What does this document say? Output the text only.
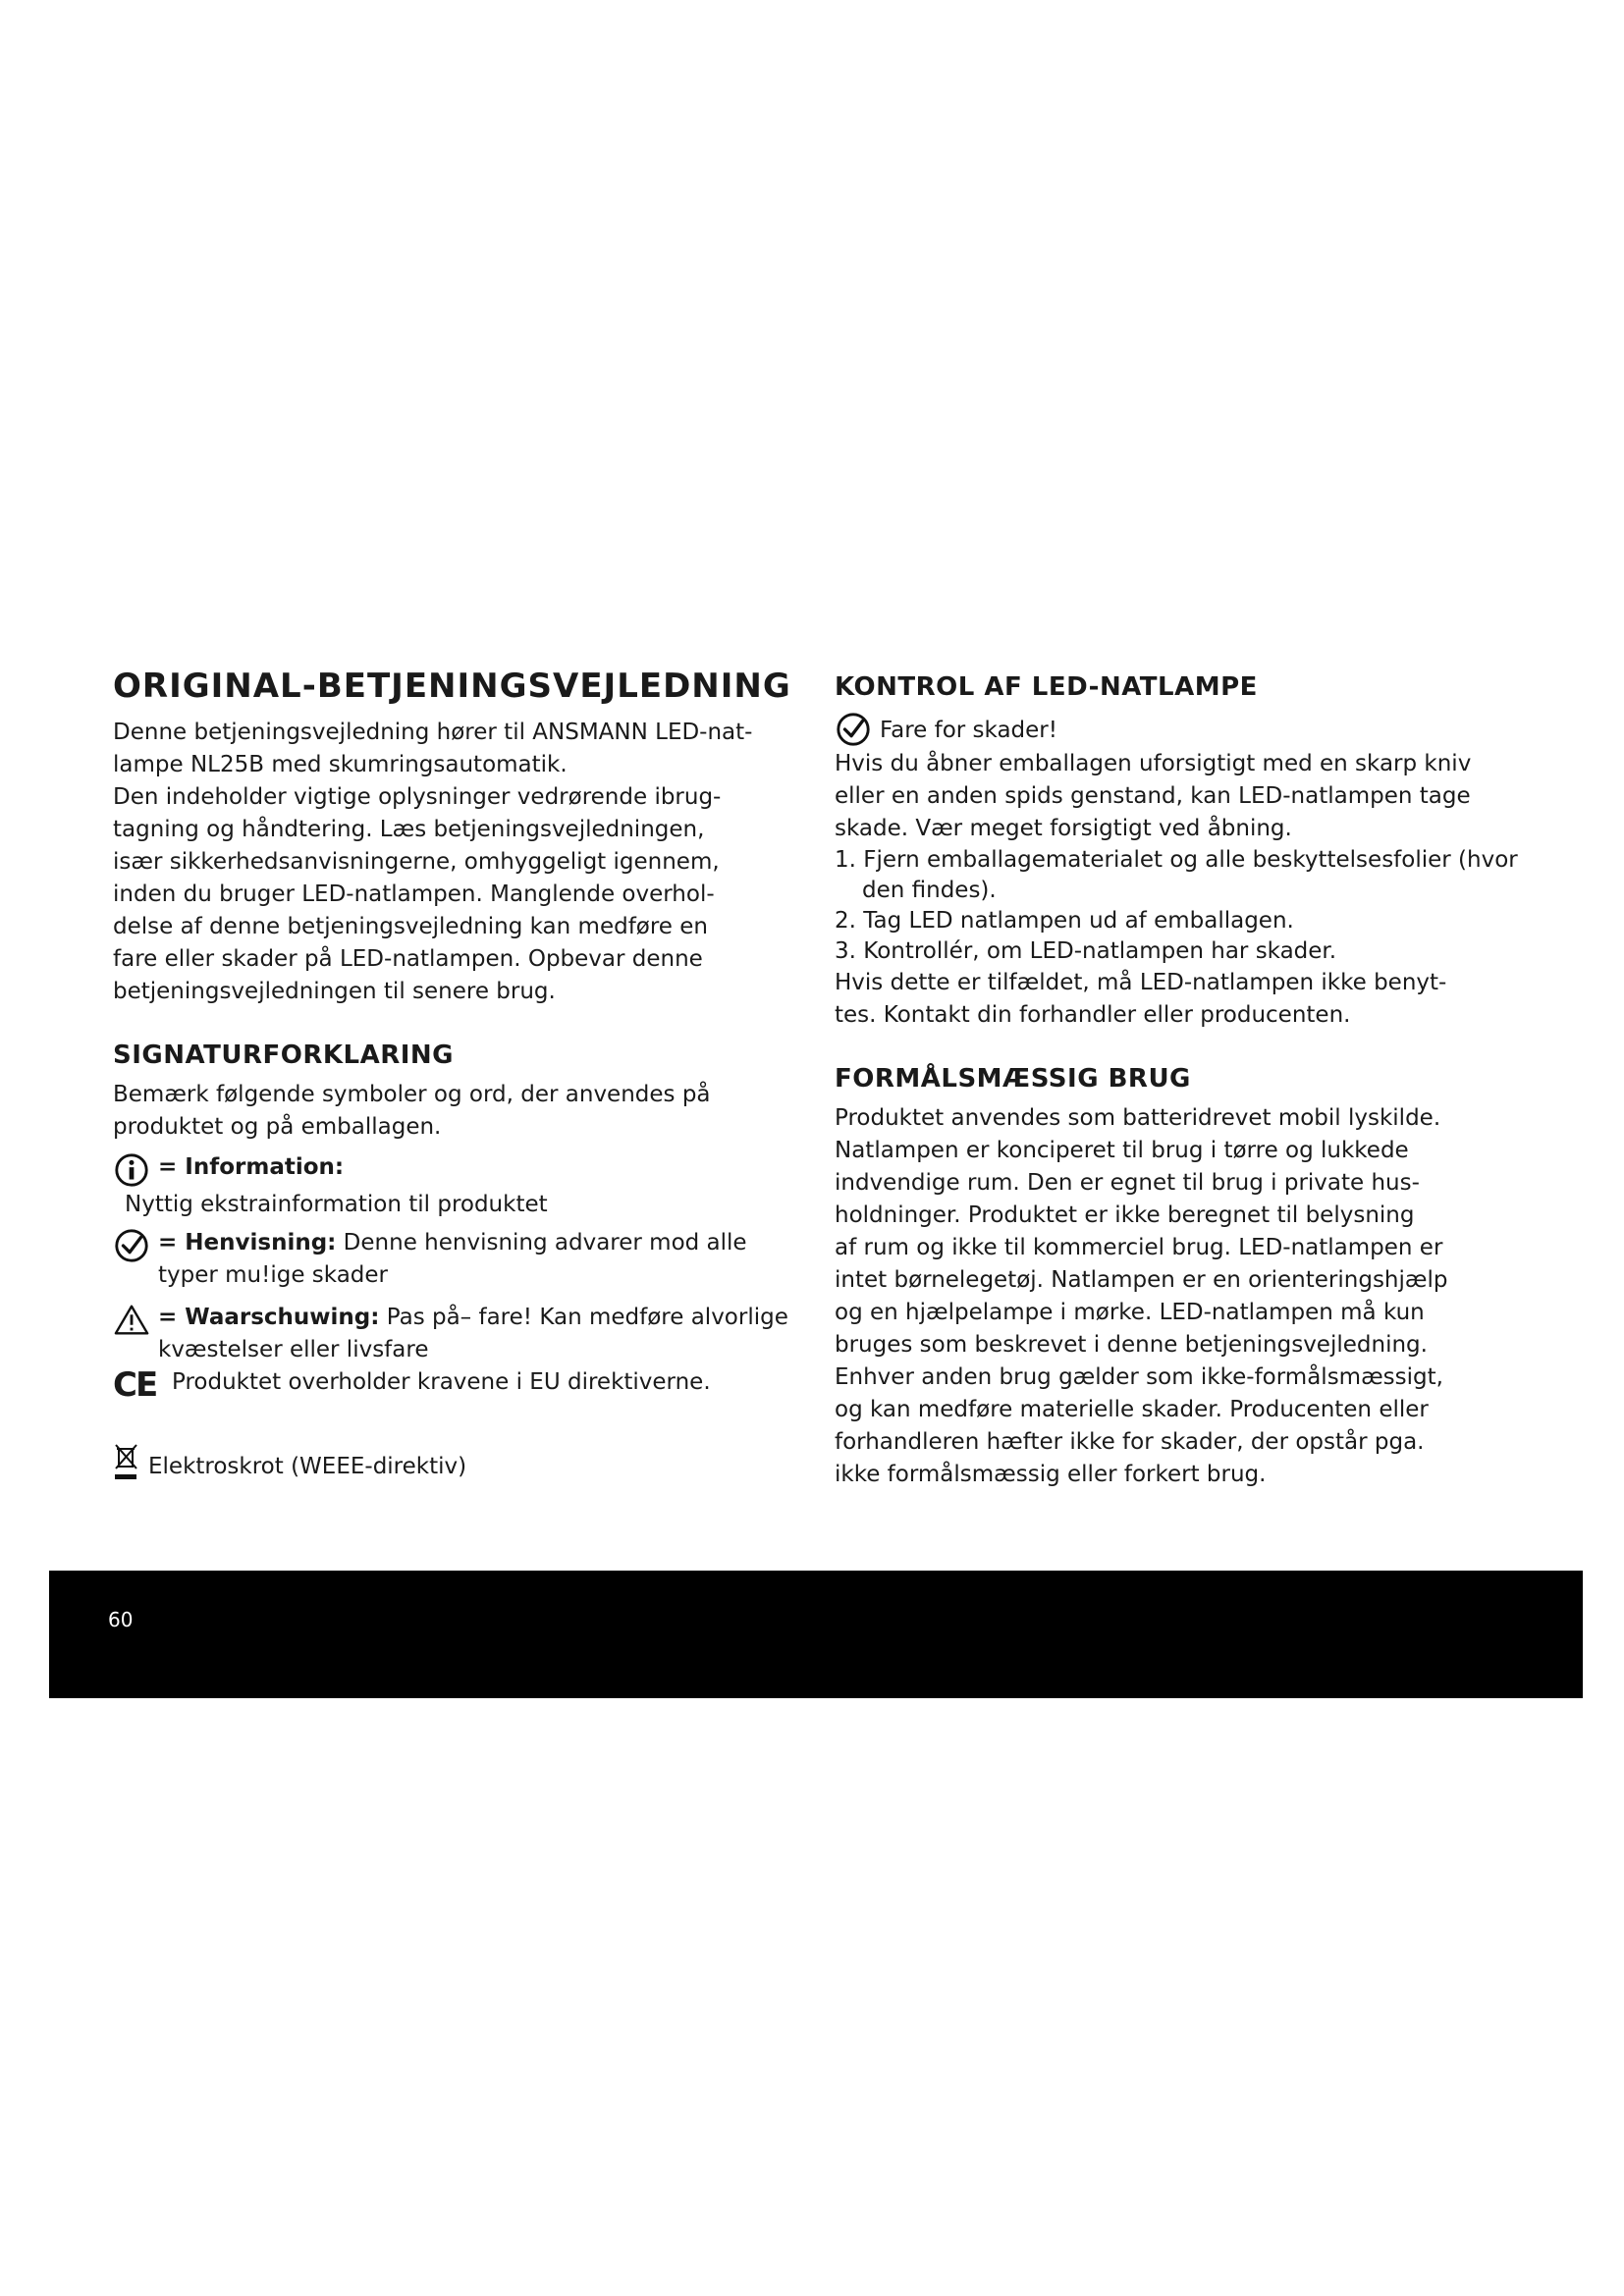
ORIGINAL-BETJENINGSVEJLEDNING

Denne betjeningsvejledning hører til ANSMANN LED-nat-
lampe NL25B med skumringsautomatik.
Den indeholder vigtige oplysninger vedrørende ibrug-
tagning og håndtering. Læs betjeningsvejledningen,
især sikkerhedsanvisningerne, omhyggeligt igennem,
inden du bruger LED-natlampen. Manglende overhol-
delse af denne betjeningsvejledning kan medføre en
fare eller skader på LED-natlampen. Opbevar denne
betjeningsvejledningen til senere brug.

SIGNATURFORKLARING

Bemærk følgende symboler og ord, der anvendes på
produktet og på emballagen.

= Information:
Nyttig ekstrainformation til produktet
= Henvisning: Denne henvisning advarer mod alle
typer mu!ige skader
= Waarschuwing: Pas på– fare! Kan medføre alvorlige
kvæstelser eller livsfare
CE Produktet overholder kravene i EU direktiverne.
Elektroskrot (WEEE-direktiv)
KONTROL AF LED-NATLAMPE
Fare for skader!

Hvis du åbner emballagen uforsigtigt med en skarp kniv
eller en anden spids genstand, kan LED-natlampen tage
skade. Vær meget forsigtigt ved åbning.

1. Fjern emballagematerialet og alle beskyttelsesfolier (hvor den findes).
2. Tag LED natlampen ud af emballagen.
3. Kontrollér, om LED-natlampen har skader.

Hvis dette er tilfældet, må LED-natlampen ikke benyt-
tes. Kontakt din forhandler eller producenten.

FORMÅLSMÆSSIG BRUG

Produktet anvendes som batteridrevet mobil lyskilde.
Natlampen er konciperet til brug i tørre og lukkede
indvendige rum. Den er egnet til brug i private hus-
holdninger. Produktet er ikke beregnet til belysning
af rum og ikke til kommerciel brug. LED-natlampen er
intet børnelegetøj. Natlampen er en orienteringshjælp
og en hjælpelampe i mørke. LED-natlampen må kun
bruges som beskrevet i denne betjeningsvejledning.
Enhver anden brug gælder som ikke-formålsmæssigt,
og kan medføre materielle skader. Producenten eller
forhandleren hæfter ikke for skader, der opstår pga.
ikke formålsmæssig eller forkert brug.

60
